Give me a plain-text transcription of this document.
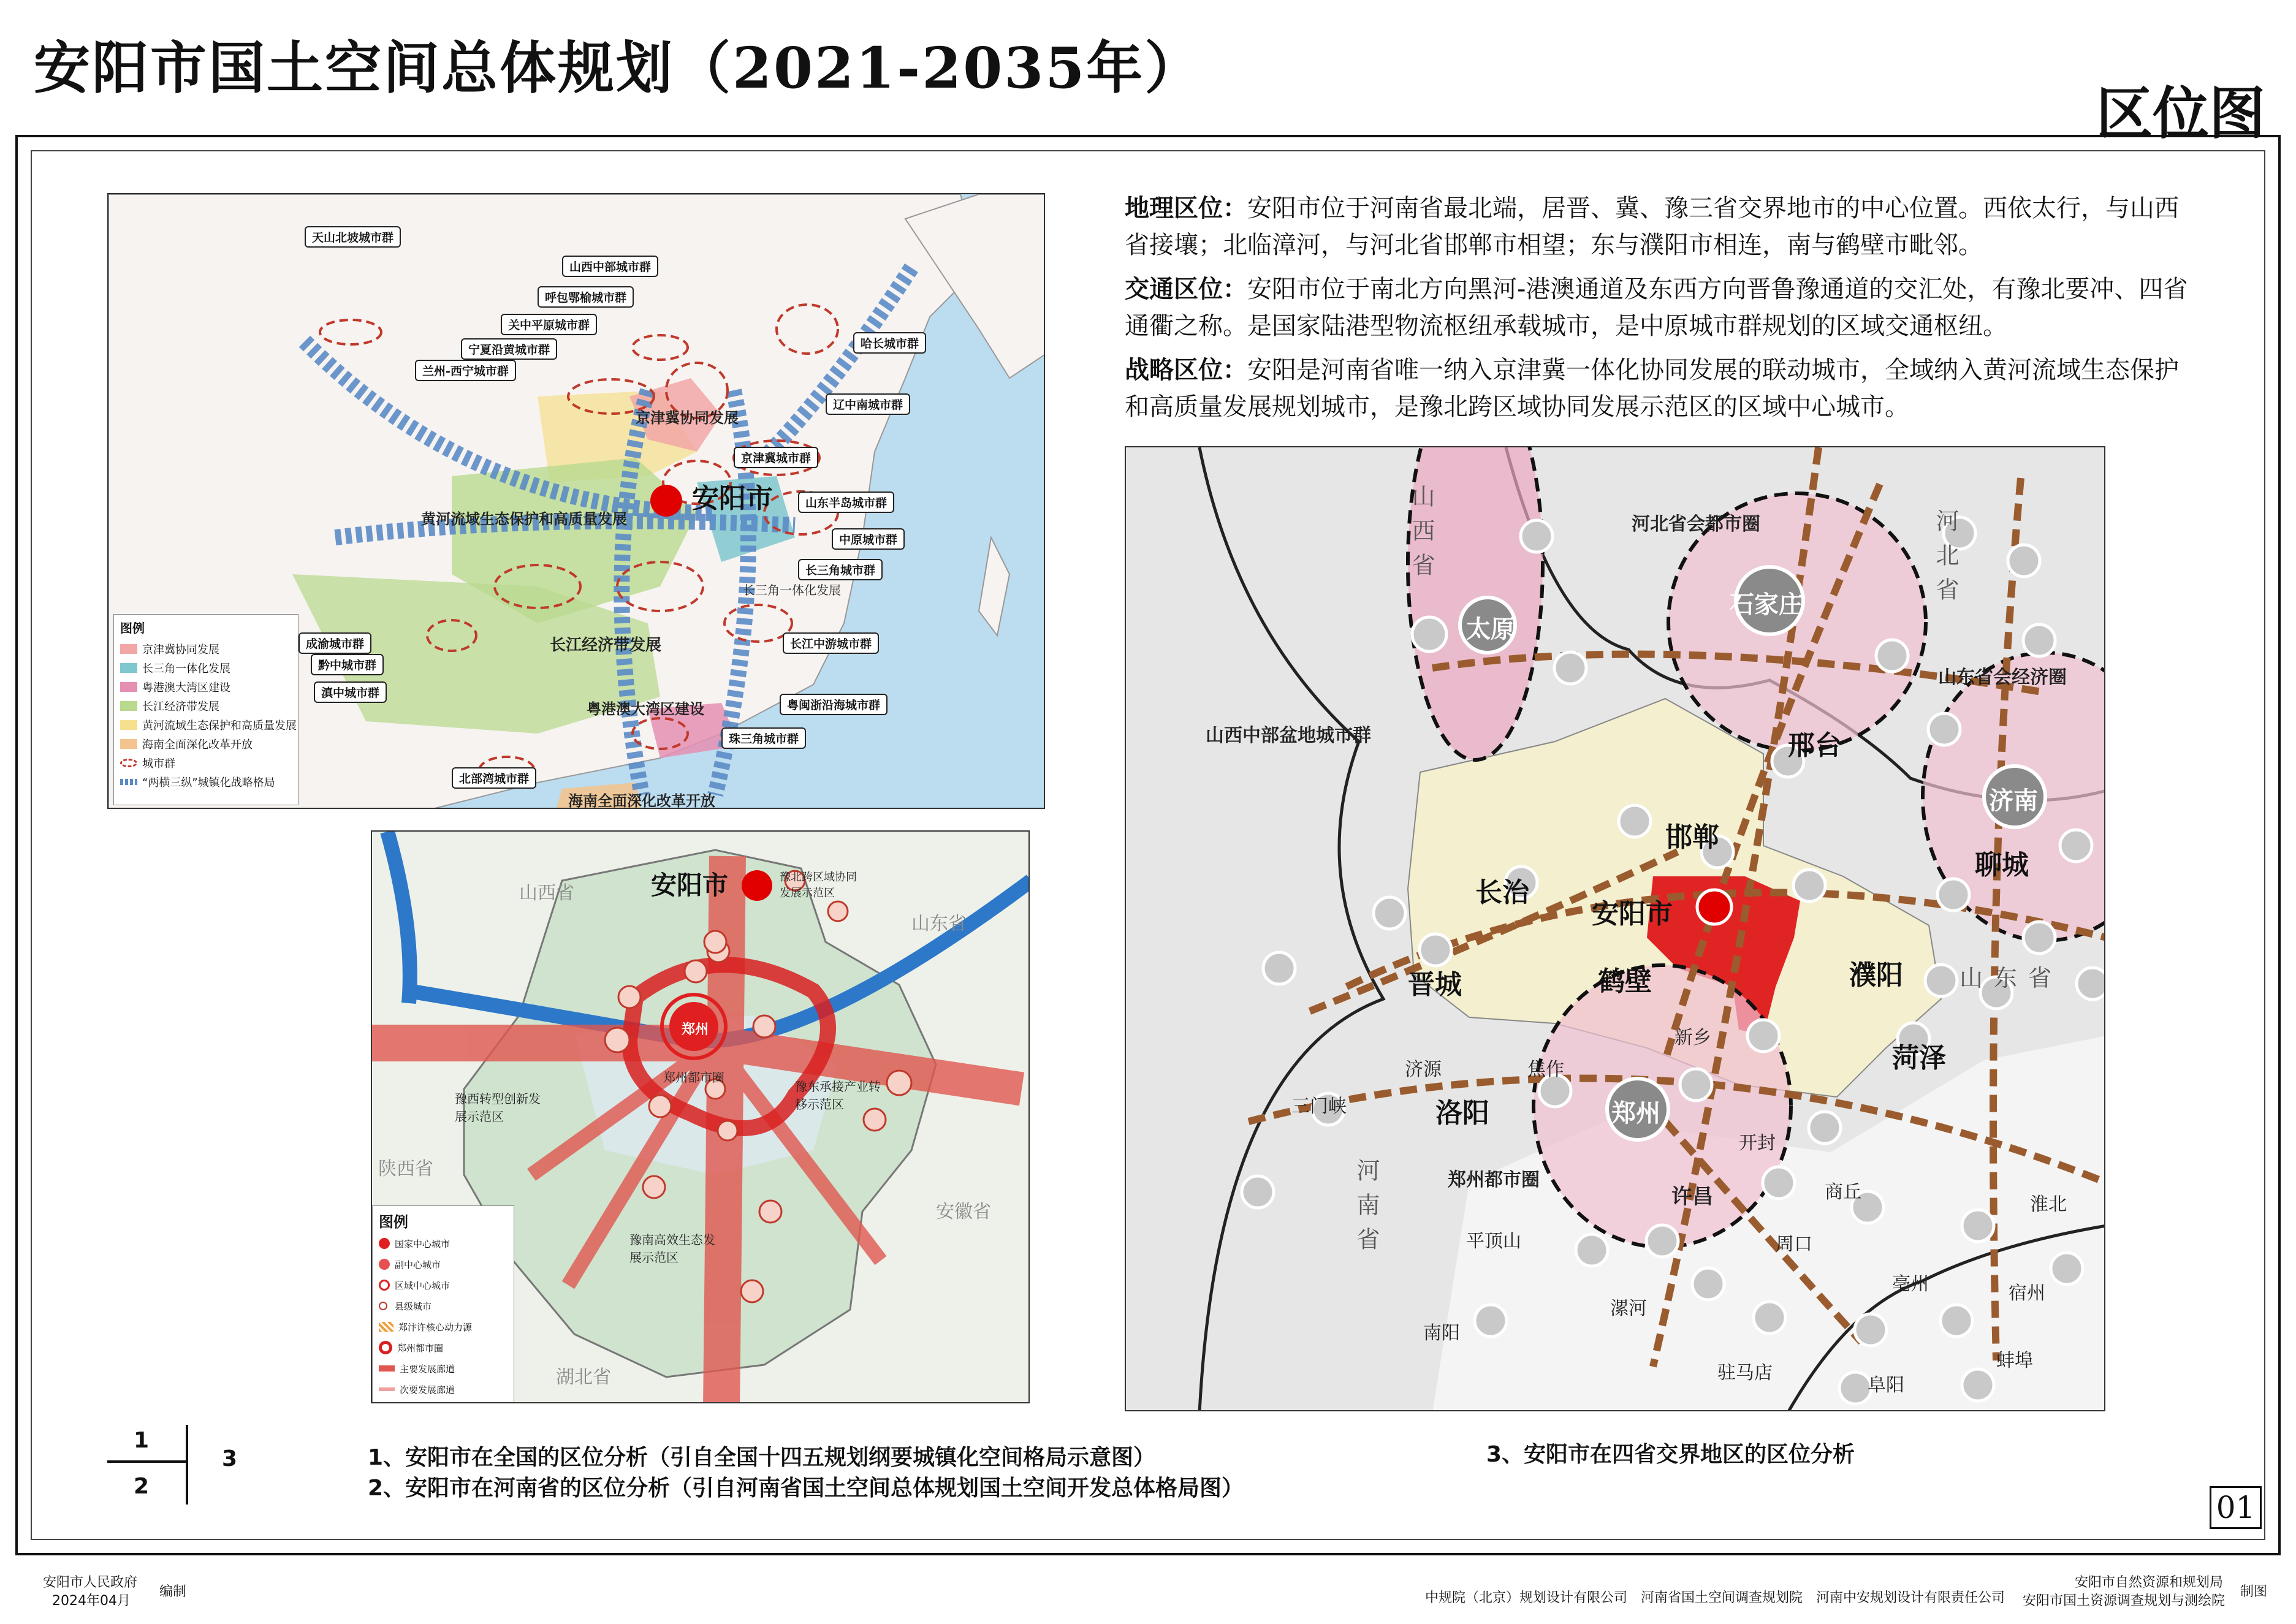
安阳市国土空间总体规划（2021-2035年）
区位图
天山北坡城市群
山西中部城市群
呼包鄂榆城市群
关中平原城市群
宁夏沿黄城市群
兰州-西宁城市群
哈长城市群
辽中南城市群
京津冀城市群
山东半岛城市群
中原城市群
长三角城市群
成渝城市群
黔中城市群
滇中城市群
长江中游城市群
粤闽浙沿海城市群
珠三角城市群
北部湾城市群
京津冀协同发展
安阳市
黄河流域生态保护和高质量发展
长三角一体化发展
长江经济带发展
粤港澳大湾区建设
海南全面深化改革开放
图例
京津冀协同发展
长三角一体化发展
粤港澳大湾区建设
长江经济带发展
黄河流域生态保护和高质量发展
海南全面深化改革开放
城市群
“两横三纵”城镇化战略格局
安阳市	豫北跨区域协同发展示范区
郑州
郑州都市圈
豫西转型创新发展示范区
豫东承接产业转移示范区
豫南高效生态发展示范区
山西省
山东省
陕西省
安徽省
湖北省
图例
国家中心城市
副中心城市
区域中心城市
县级城市
郑汴许核心动力源
郑州都市圈
主要发展廊道
次要发展廊道

地理区位：安阳市位于河南省最北端，居晋、冀、豫三省交界地市的中心位置。西依太行，与山西省接壤；北临漳河，与河北省邯郸市相望；东与濮阳市相连，南与鹤壁市毗邻。

交通区位：安阳市位于南北方向黑河-港澳通道及东西方向晋鲁豫通道的交汇处，有豫北要冲、四省通衢之称。是国家陆港型物流枢纽承载城市，是中原城市群规划的区域交通枢纽。

战略区位：安阳是河南省唯一纳入京津冀一体化协同发展的联动城市，全域纳入黄河流域生态保护和高质量发展规划城市，是豫北跨区域协同发展示范区的区域中心城市。

山西省	河北省
河南省
山东省
河北省会都市圈
山东省会经济圈
山西中部盆地城市群
郑州都市圈
太原
石家庄
济南
郑州
邢台
邯郸
长治
安阳市
晋城	鹤壁	濮阳
聊城
菏泽
洛阳
新乡
焦作
济源
开封
三门峡
商丘
许昌
平顶山	周口
漯河
亳州	宿州
南阳
驻马店
阜阳
蚌埠
淮北
1
2
3	1、安阳市在全国的区位分析（引自全国十四五规划纲要城镇化空间格局示意图）
2、安阳市在河南省的区位分析（引自河南省国土空间总体规划国土空间开发总体格局图）
3、安阳市在四省交界地区的区位分析
01
安阳市人民政府
2024年04月
编制	中规院（北京）规划设计有限公司　河南省国土空间调查规划院　河南中安规划设计有限责任公司
安阳市自然资源和规划局
安阳市国土资源调查规划与测绘院
制图
